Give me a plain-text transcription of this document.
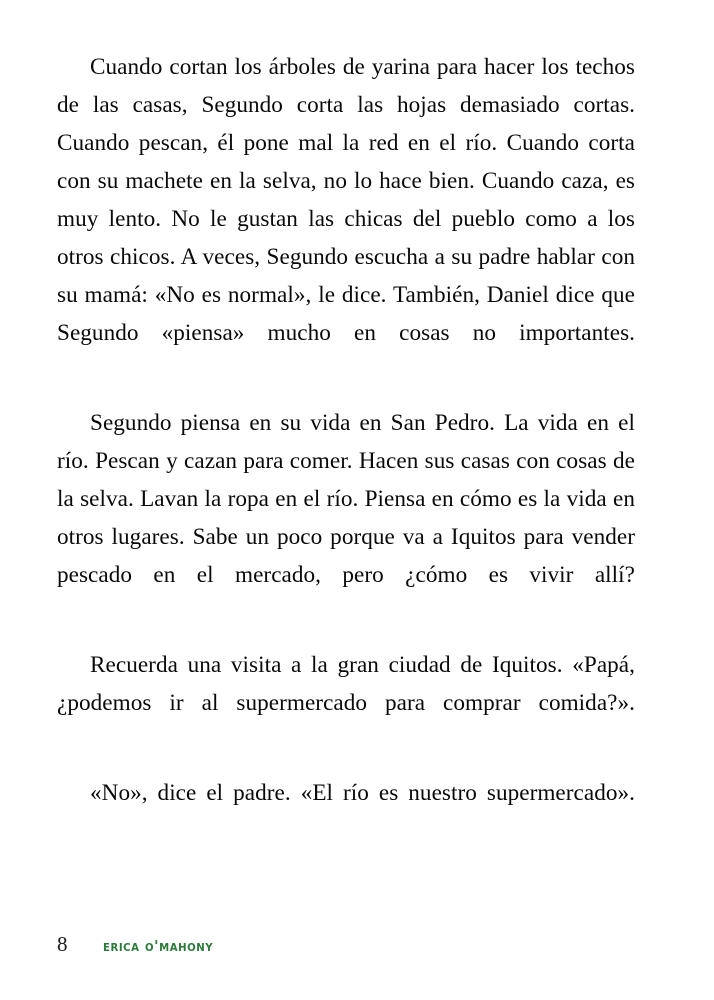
Cuando cortan los árboles de yarina para hacer los techos de las casas, Segundo corta las hojas demasiado cortas. Cuando pescan, él pone mal la red en el río. Cuando corta con su machete en la selva, no lo hace bien. Cuando caza, es muy lento. No le gustan las chicas del pueblo como a los otros chicos. A veces, Segundo escucha a su padre hablar con su mamá: «No es normal», le dice. También, Daniel dice que Segundo «piensa» mucho en cosas no importantes.

Segundo piensa en su vida en San Pedro. La vida en el río. Pescan y cazan para comer. Hacen sus casas con cosas de la selva. Lavan la ropa en el río. Piensa en cómo es la vida en otros lugares. Sabe un poco porque va a Iquitos para vender pescado en el mercado, pero ¿cómo es vivir allí?

Recuerda una visita a la gran ciudad de Iquitos. «Papá, ¿podemos ir al supermercado para comprar comida?».

«No», dice el padre. «El río es nuestro supermercado».

8	erica o'mahony
